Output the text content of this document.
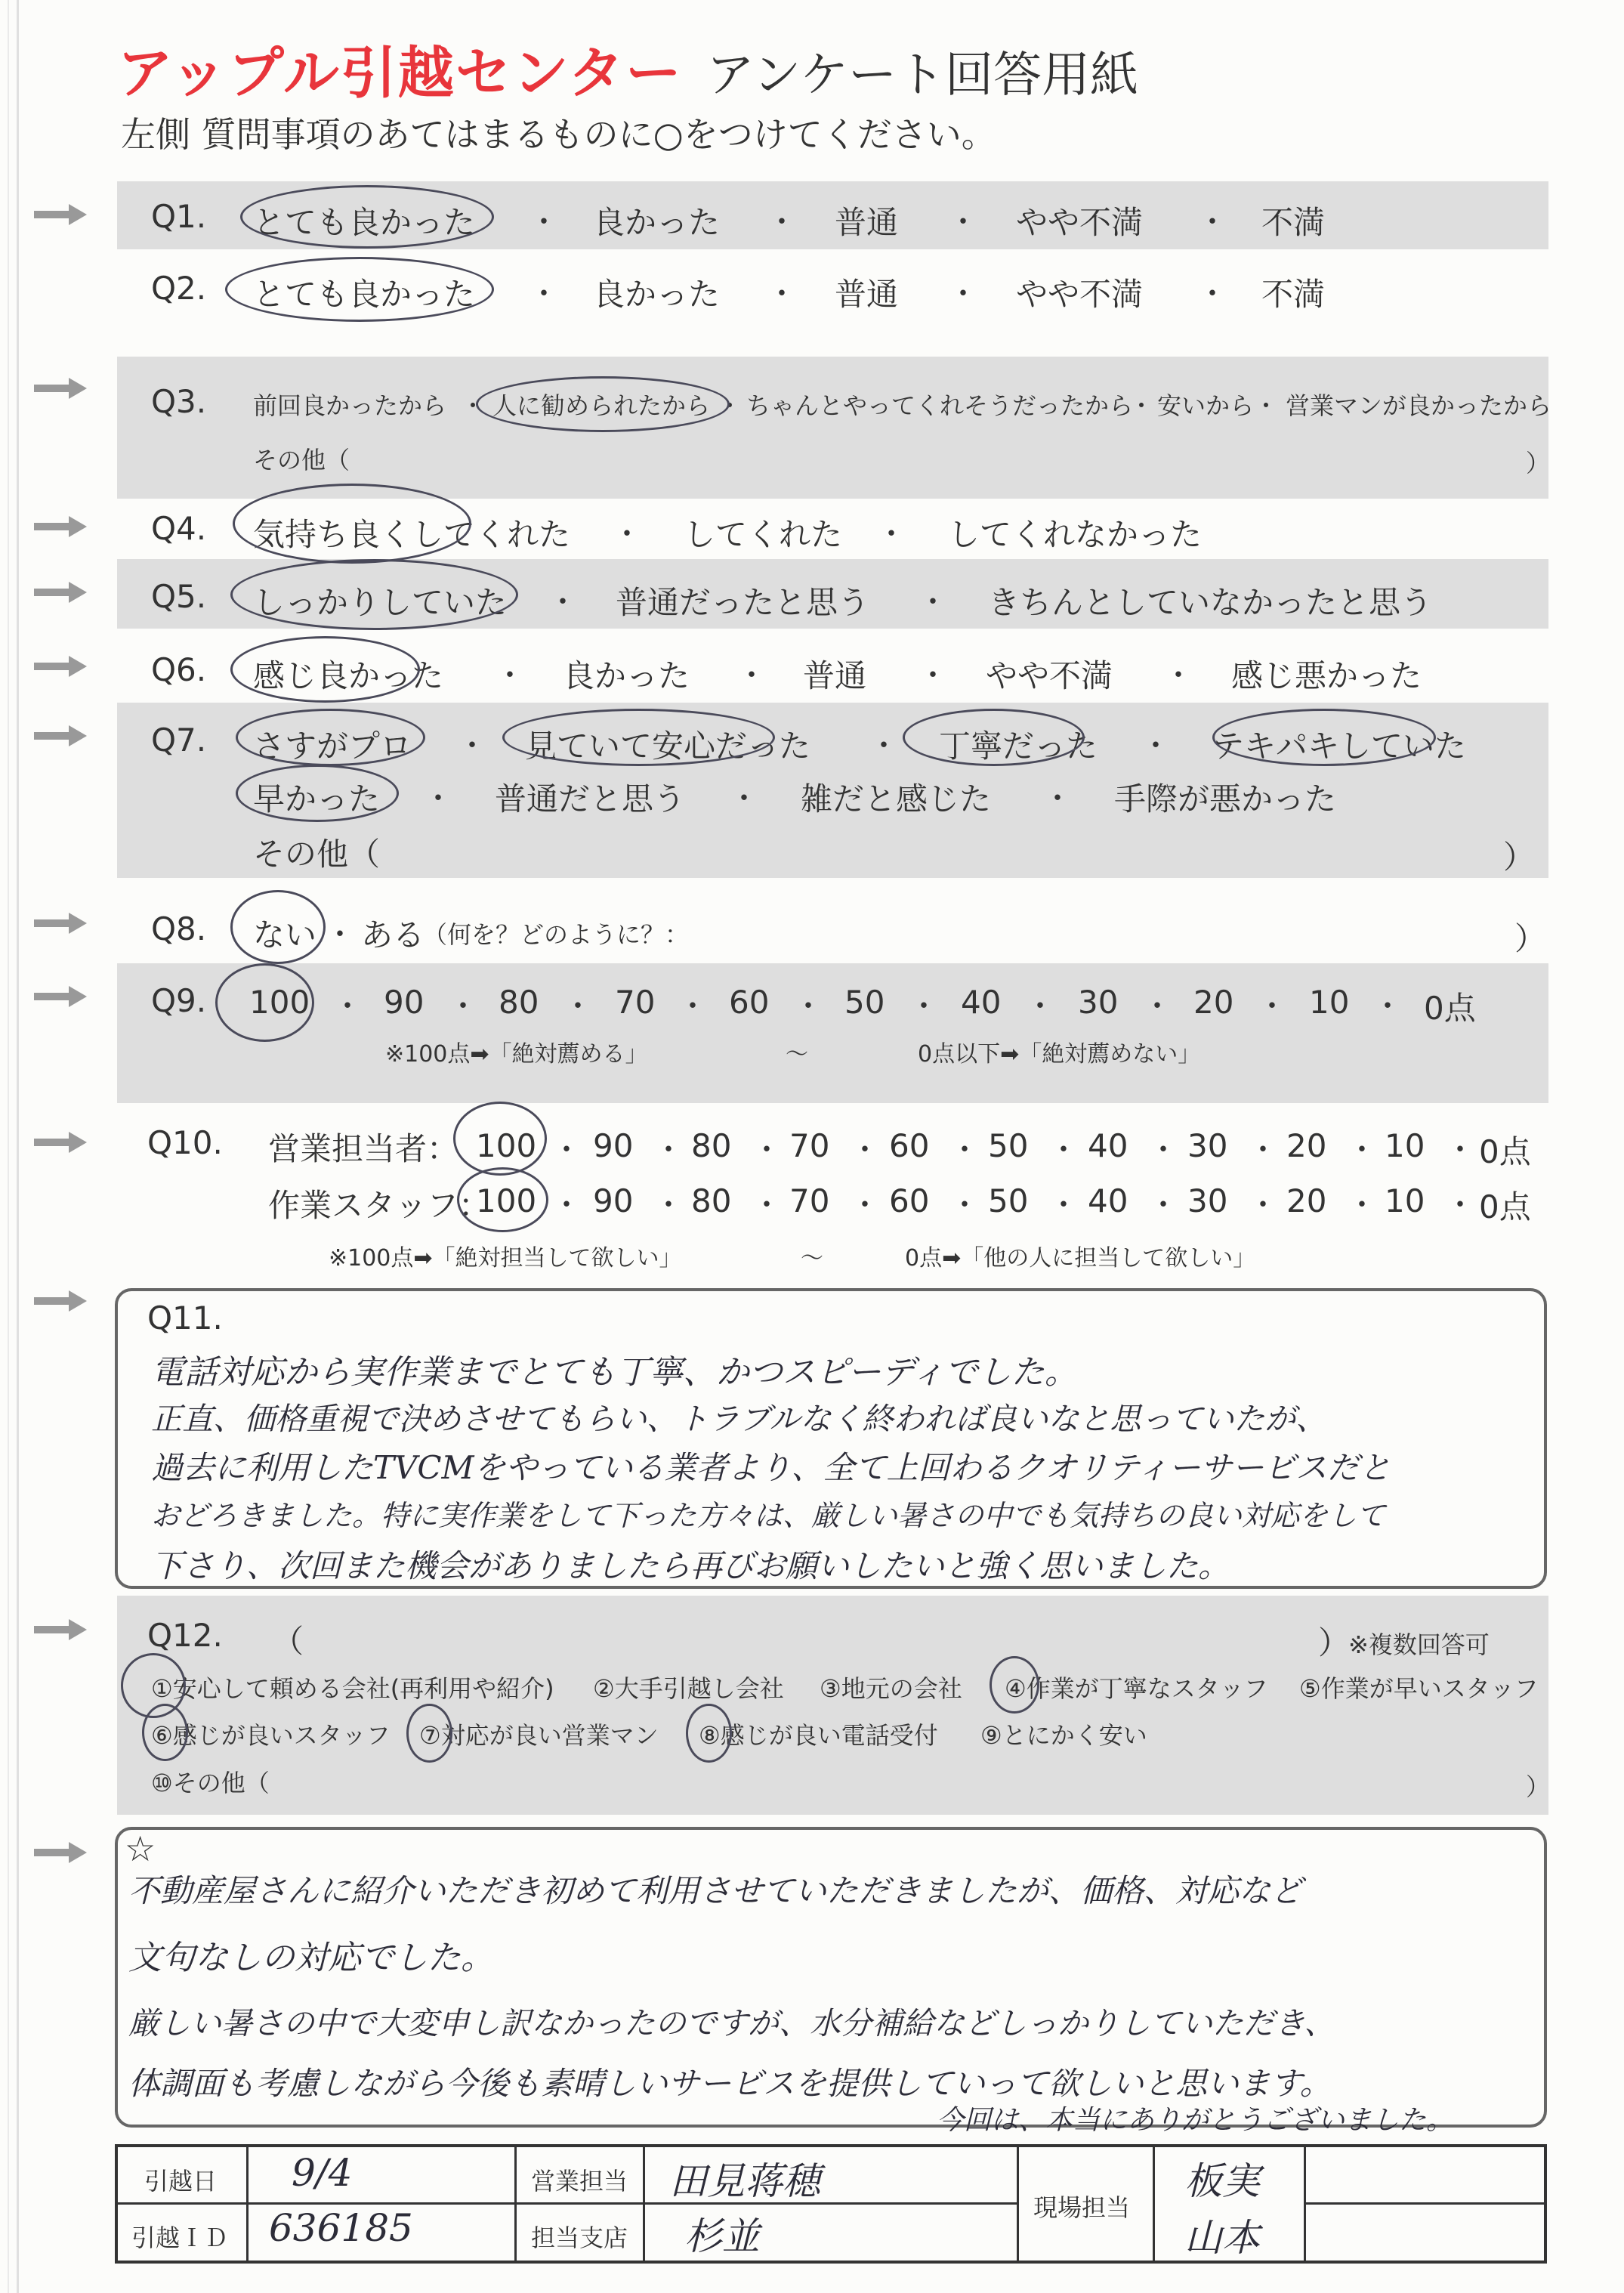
アップル引越センター アンケート回答用紙
左側 質問事項のあてはまるものに○をつけてください。
Q1. とても良かった ・ 良かった ・ 普通 ・ やや不満 ・ 不満
Q2. とても良かった ・ 良かった ・ 普通 ・ やや不満 ・ 不満
Q3. 前回良かったから ・ 人に勧められたから ・ ちゃんとやってくれそうだったから
・ 安いから ・ 営業マンが良かったから
その他（	）
Q4. 気持ち良くしてくれた ・ してくれた ・ してくれなかった
Q5. しっかりしていた ・ 普通だったと思う ・ きちんとしていなかったと思う
Q6. 感じ良かった ・ 良かった ・ 普通 ・ やや不満 ・ 感じ悪かった
Q7. さすがプロ ・ 見ていて安心だった ・ 丁寧だった ・ テキパキしていた
早かった ・ 普通だと思う ・ 雑だと感じた ・ 手際が悪かった
その他（	）
Q8. ない ・ ある
（何を？どのように？：	）
Q9. 100 ・ 90 ・ 80 ・ 70 ・ 60 ・ 50 ・ 40 ・ 30 ・ 20 ・ 10 ・ 0点
※100点➡「絶対薦める」	〜	0点以下➡「絶対薦めない」
Q10. 営業担当者： 100 ・ 90 ・ 80 ・ 70 ・ 60 ・ 50 ・ 40 ・ 30 ・ 20 ・ 10 ・ 0点
作業スタッフ：
100 ・ 90 ・ 80 ・ 70 ・ 60 ・ 50 ・ 40 ・ 30 ・ 20 ・ 10 ・ 0点
※100点➡「絶対担当して欲しい」	〜	0点➡「他の人に担当して欲しい」
Q11.
電話対応から実作業までとても丁寧、かつスピーディでした。
正直、価格重視で決めさせてもらい、トラブルなく終われば良いなと思っていたが、
過去に利用したTVCMをやっている業者より、全て上回わるクオリティーサービスだと
おどろきました。特に実作業をして下った方々は、厳しい暑さの中でも気持ちの良い対応をして
下さり、次回また機会がありましたら再びお願いしたいと強く思いました。
Q12. （	）
※複数回答可
①安心して頼める会社(再利用や紹介) ②大手引越し会社 ③地元の会社 ④作業が丁寧なスタッフ ⑤作業が早いスタッフ
⑥感じが良いスタッフ ⑦対応が良い営業マン ⑧感じが良い電話受付 ⑨とにかく安い
⑩その他（	）
☆
不動産屋さんに紹介いただき初めて利用させていただきましたが、価格、対応など
文句なしの対応でした。
厳しい暑さの中で大変申し訳なかったのですが、水分補給などしっかりしていただき、
体調面も考慮しながら今後も素晴しいサービスを提供していって欲しいと思います。
今回は、本当にありがとうございました。
引越日 9/4
引越ＩＤ 636185
営業担当 田見蒋穂
担当支店 杉並
現場担当
板実
山本
